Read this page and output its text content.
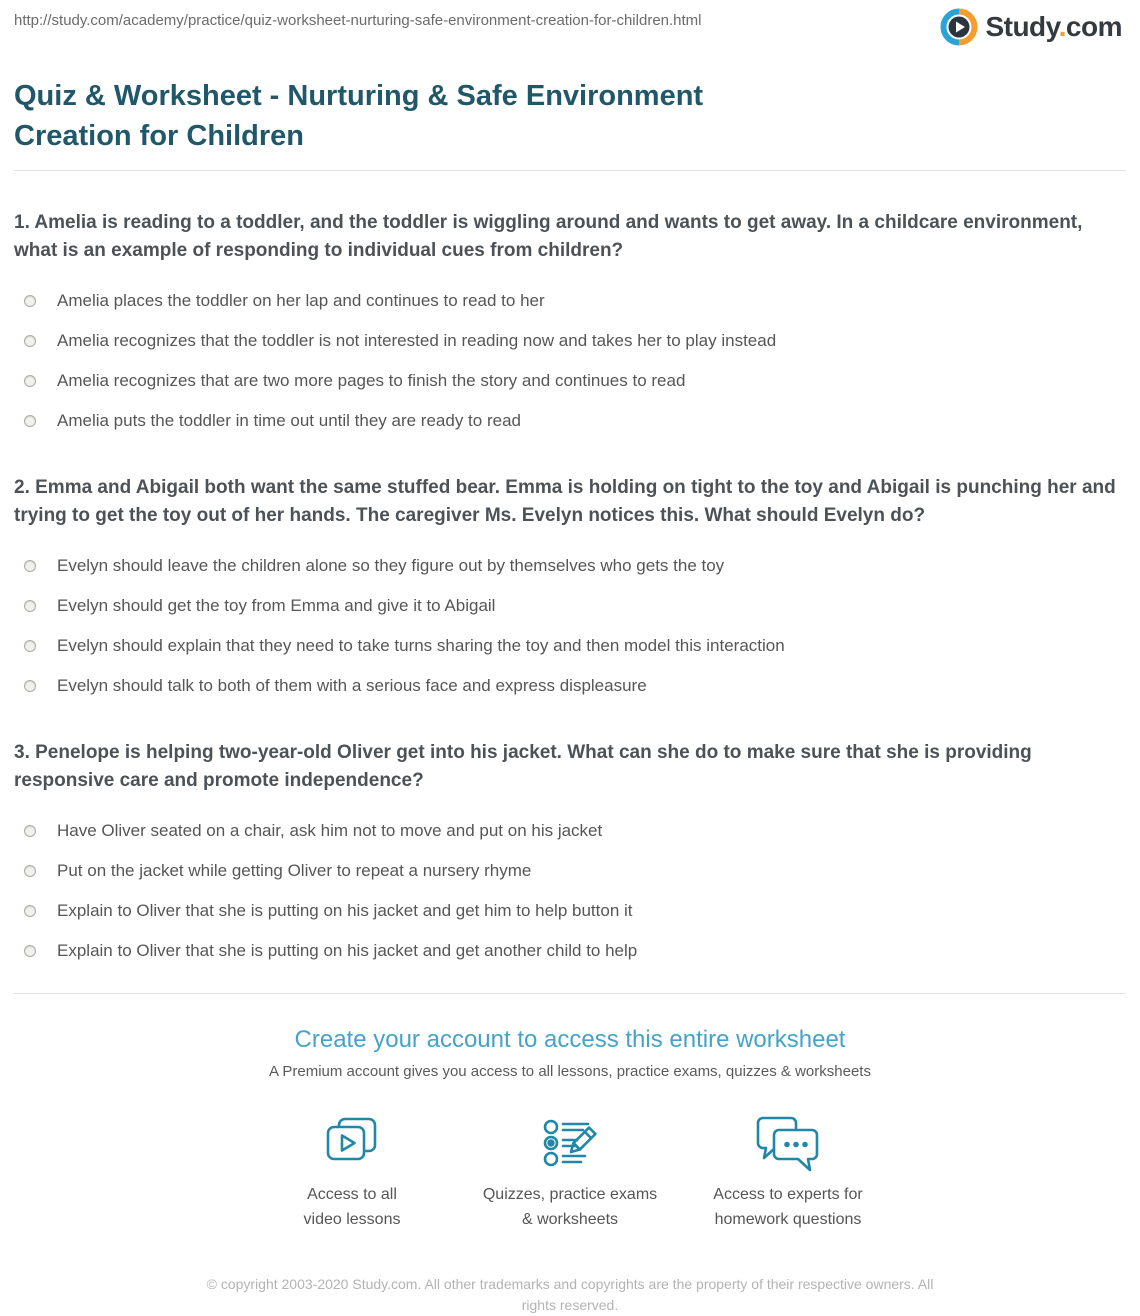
http://study.com/academy/practice/quiz-worksheet-nurturing-safe-environment-creation-for-children.html	Study.com
Quiz & Worksheet - Nurturing & Safe Environment Creation for Children

1. Amelia is reading to a toddler, and the toddler is wiggling around and wants to get away. In a childcare environment, what is an example of responding to individual cues from children?

Amelia places the toddler on her lap and continues to read to her
Amelia recognizes that the toddler is not interested in reading now and takes her to play instead
Amelia recognizes that are two more pages to finish the story and continues to read
Amelia puts the toddler in time out until they are ready to read

2. Emma and Abigail both want the same stuffed bear. Emma is holding on tight to the toy and Abigail is punching her and trying to get the toy out of her hands. The caregiver Ms. Evelyn notices this. What should Evelyn do?

Evelyn should leave the children alone so they figure out by themselves who gets the toy
Evelyn should get the toy from Emma and give it to Abigail
Evelyn should explain that they need to take turns sharing the toy and then model this interaction
Evelyn should talk to both of them with a serious face and express displeasure

3. Penelope is helping two-year-old Oliver get into his jacket. What can she do to make sure that she is providing responsive care and promote independence?

Have Oliver seated on a chair, ask him not to move and put on his jacket
Put on the jacket while getting Oliver to repeat a nursery rhyme
Explain to Oliver that she is putting on his jacket and get him to help button it
Explain to Oliver that she is putting on his jacket and get another child to help
Create your account to access this entire worksheet

A Premium account gives you access to all lessons, practice exams, quizzes & worksheets

Access to all
video lessons
Quizzes, practice exams
& worksheets
Access to experts for
homework questions

© copyright 2003-2020 Study.com. All other trademarks and copyrights are the property of their respective owners. All rights reserved.
